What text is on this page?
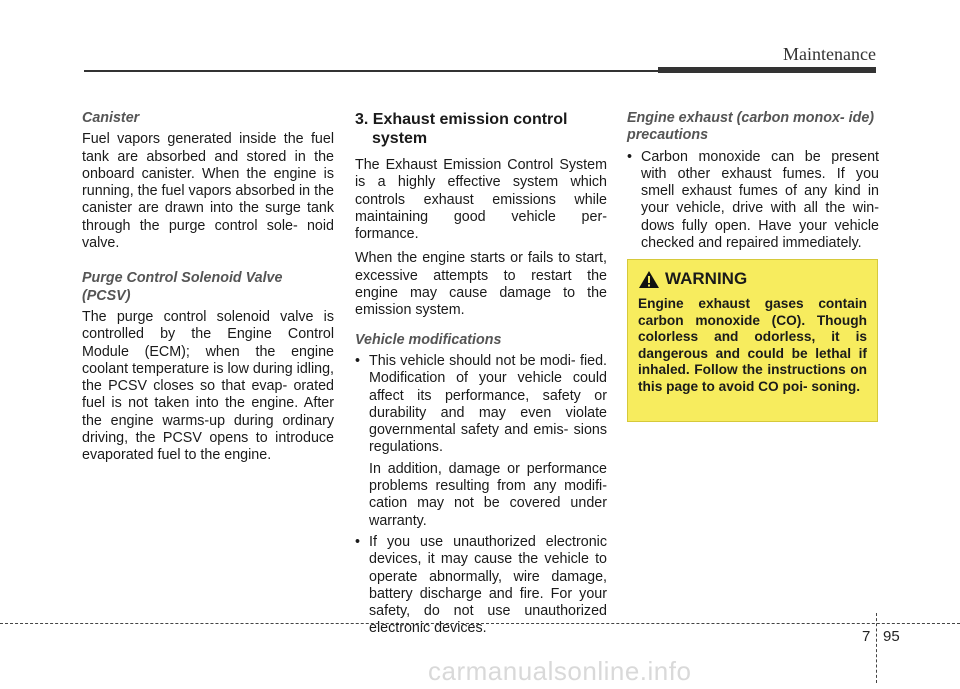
Maintenance
Canister

Fuel vapors generated inside the fuel tank are absorbed and stored in the onboard canister. When the engine is running, the fuel vapors absorbed in the canister are drawn into the surge tank through the purge control sole- noid valve.

Purge Control Solenoid Valve (PCSV)

The purge control solenoid valve is controlled by the Engine Control Module (ECM); when the engine coolant temperature is low during idling, the PCSV closes so that evap- orated fuel is not taken into the engine. After the engine warms-up during ordinary driving, the PCSV opens to introduce evaporated fuel to the engine.

3. Exhaust emission control system

The Exhaust Emission Control System is a highly effective system which controls exhaust emissions while maintaining good vehicle per- formance.

When the engine starts or fails to start, excessive attempts to restart the engine may cause damage to the emission system.

Vehicle modifications
• This vehicle should not be modi- fied. Modification of your vehicle could affect its performance, safety or durability and may even violate governmental safety and emis- sions regulations.

In addition, damage or performance problems resulting from any modifi- cation may not be covered under warranty.

• If you use unauthorized electronic devices, it may cause the vehicle to operate abnormally, wire damage, battery discharge and fire. For your safety, do not use unauthorized electronic devices.
Engine exhaust (carbon monox- ide) precautions
• Carbon monoxide can be present with other exhaust fumes. If you smell exhaust fumes of any kind in your vehicle, drive with all the win- dows fully open. Have your vehicle checked and repaired immediately.
WARNING
Engine exhaust gases contain carbon monoxide (CO). Though colorless and odorless, it is dangerous and could be lethal if inhaled. Follow the instructions on this page to avoid CO poi- soning.
7 95
carmanualsonline.info
